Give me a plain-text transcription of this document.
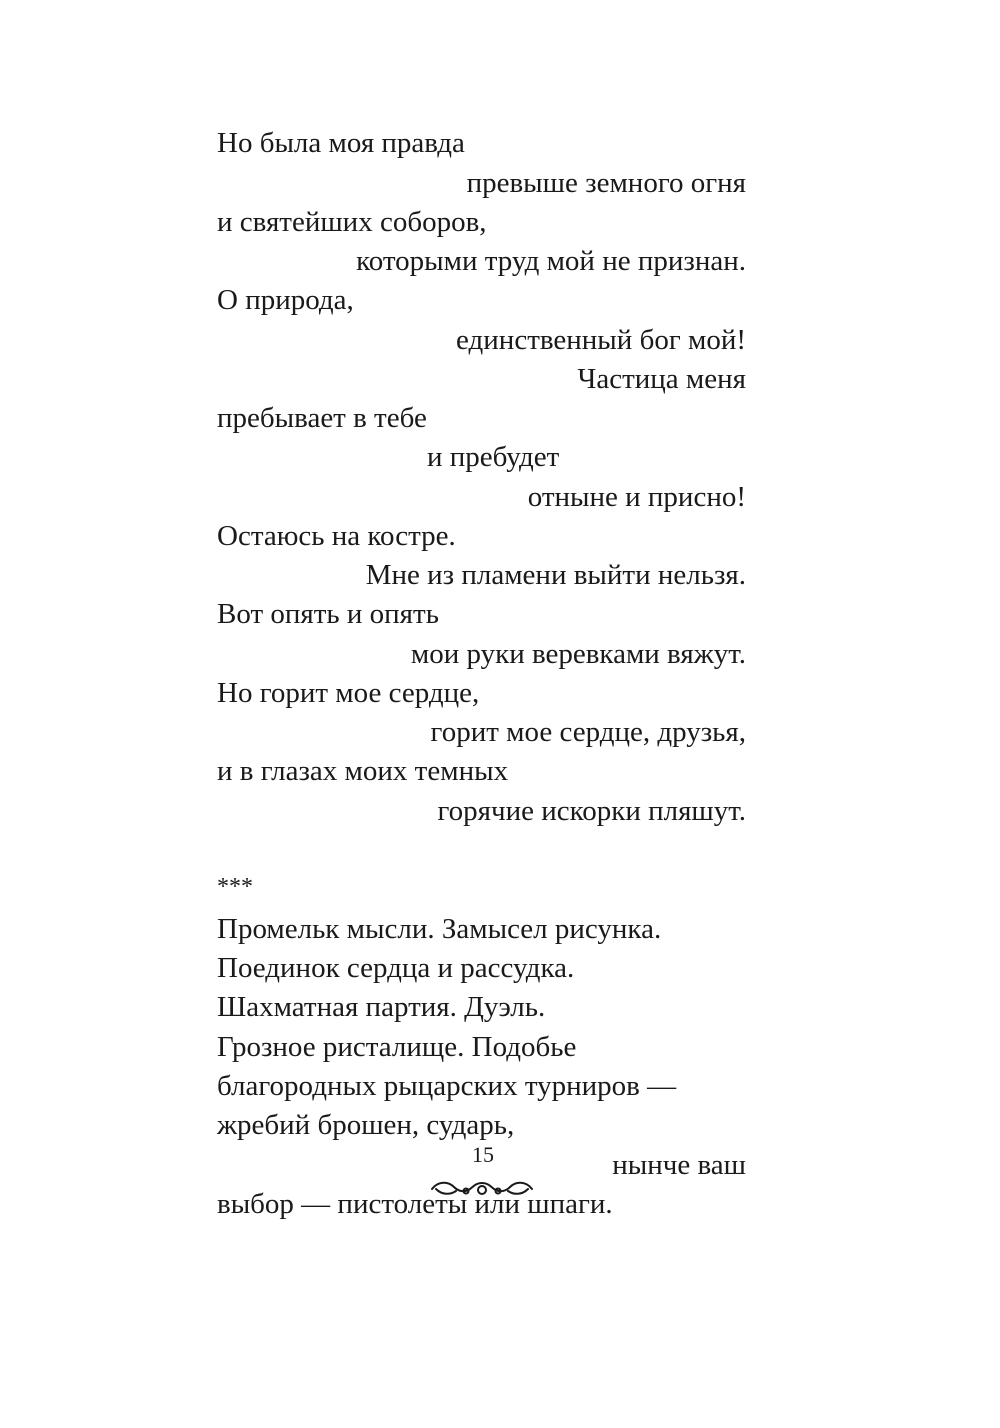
Но была моя правда
превыше земного огня
и святейших соборов,
которыми труд мой не признан.
О природа,
единственный бог мой!
Частица меня
пребывает в тебе
и пребудет
отныне и присно!
Остаюсь на костре.
Мне из пламени выйти нельзя.
Вот опять и опять
мои руки веревками вяжут.
Но горит мое сердце,
горит мое сердце, друзья,
и в глазах моих темных
горячие искорки пляшут.
***
Промельк мысли. Замысел рисунка.
Поединок сердца и рассудка.
Шахматная партия. Дуэль.
Грозное ристалище. Подобье
благородных рыцарских турниров —
жребий брошен, сударь,
нынче ваш
выбор — пистолеты или шпаги.
15
